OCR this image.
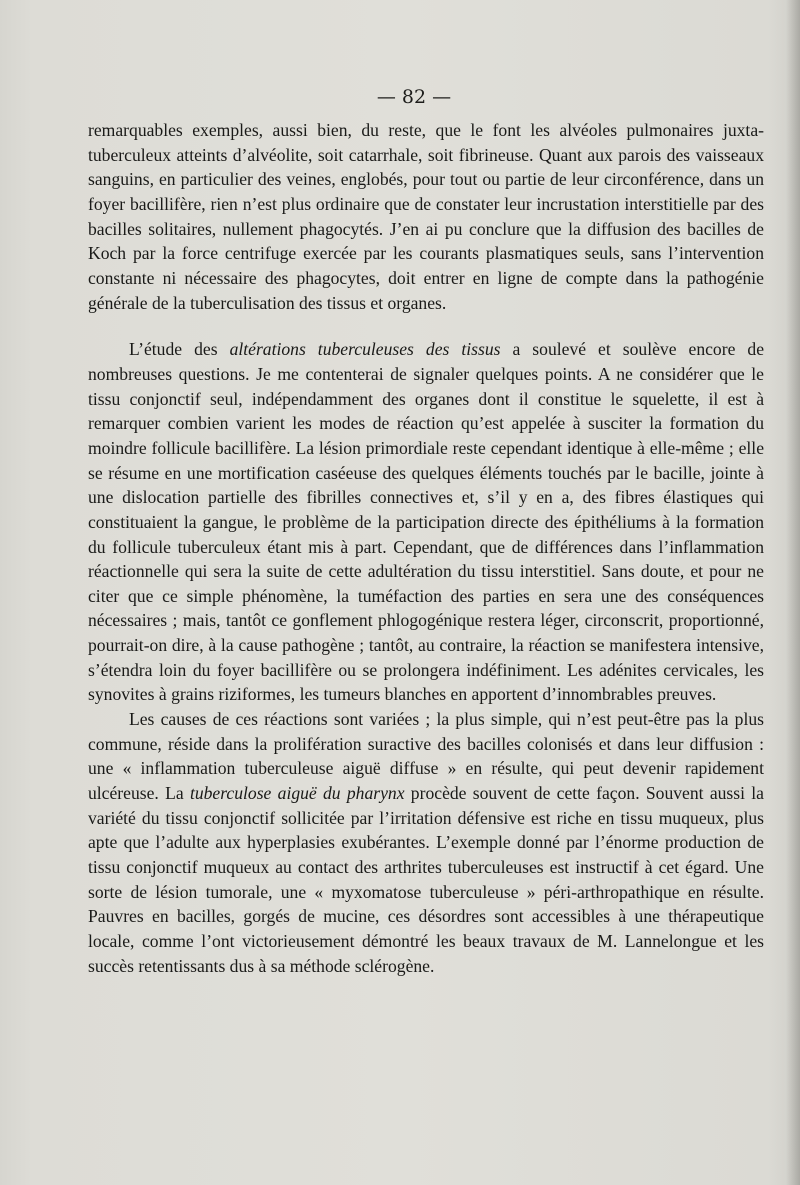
— 82 —

remarquables exemples, aussi bien, du reste, que le font les alvéoles pulmonaires juxta-tuberculeux atteints d’alvéolite, soit catarrhale, soit fibrineuse. Quant aux parois des vaisseaux sanguins, en particulier des veines, englobés, pour tout ou partie de leur circonférence, dans un foyer bacillifère, rien n’est plus ordinaire que de constater leur incrustation interstitielle par des bacilles solitaires, nullement phagocytés. J’en ai pu conclure que la diffusion des bacilles de Koch par la force centrifuge exercée par les courants plasmatiques seuls, sans l’intervention constante ni nécessaire des phagocytes, doit entrer en ligne de compte dans la pathogénie générale de la tuberculisation des tissus et organes.

L’étude des altérations tuberculeuses des tissus a soulevé et soulève encore de nombreuses questions. Je me contenterai de signaler quelques points. A ne considérer que le tissu conjonctif seul, indépendamment des organes dont il constitue le squelette, il est à remarquer combien varient les modes de réaction qu’est appelée à susciter la formation du moindre follicule bacillifère. La lésion primordiale reste cependant identique à elle-même ; elle se résume en une mortification caséeuse des quelques éléments touchés par le bacille, jointe à une dislocation partielle des fibrilles connectives et, s’il y en a, des fibres élastiques qui constituaient la gangue, le problème de la participation directe des épithéliums à la formation du follicule tuberculeux étant mis à part. Cependant, que de différences dans l’inflammation réactionnelle qui sera la suite de cette adultération du tissu interstitiel. Sans doute, et pour ne citer que ce simple phénomène, la tuméfaction des parties en sera une des conséquences nécessaires ; mais, tantôt ce gonflement phlogogénique restera léger, circonscrit, proportionné, pourrait-on dire, à la cause pathogène ; tantôt, au contraire, la réaction se manifestera intensive, s’étendra loin du foyer bacillifère ou se prolongera indéfiniment. Les adénites cervicales, les synovites à grains riziformes, les tumeurs blanches en apportent d’innombrables preuves.

Les causes de ces réactions sont variées ; la plus simple, qui n’est peut-être pas la plus commune, réside dans la prolifération suractive des bacilles colonisés et dans leur diffusion : une « inflammation tuberculeuse aiguë diffuse » en résulte, qui peut devenir rapidement ulcéreuse. La tuberculose aiguë du pharynx procède souvent de cette façon. Souvent aussi la variété du tissu conjonctif sollicitée par l’irritation défensive est riche en tissu muqueux, plus apte que l’adulte aux hyperplasies exubérantes. L’exemple donné par l’énorme production de tissu conjonctif muqueux au contact des arthrites tuberculeuses est instructif à cet égard. Une sorte de lésion tumorale, une « myxomatose tuberculeuse » péri-arthropathique en résulte. Pauvres en bacilles, gorgés de mucine, ces désordres sont accessibles à une thérapeutique locale, comme l’ont victorieusement démontré les beaux travaux de M. Lannelongue et les succès retentissants dus à sa méthode sclérogène.
